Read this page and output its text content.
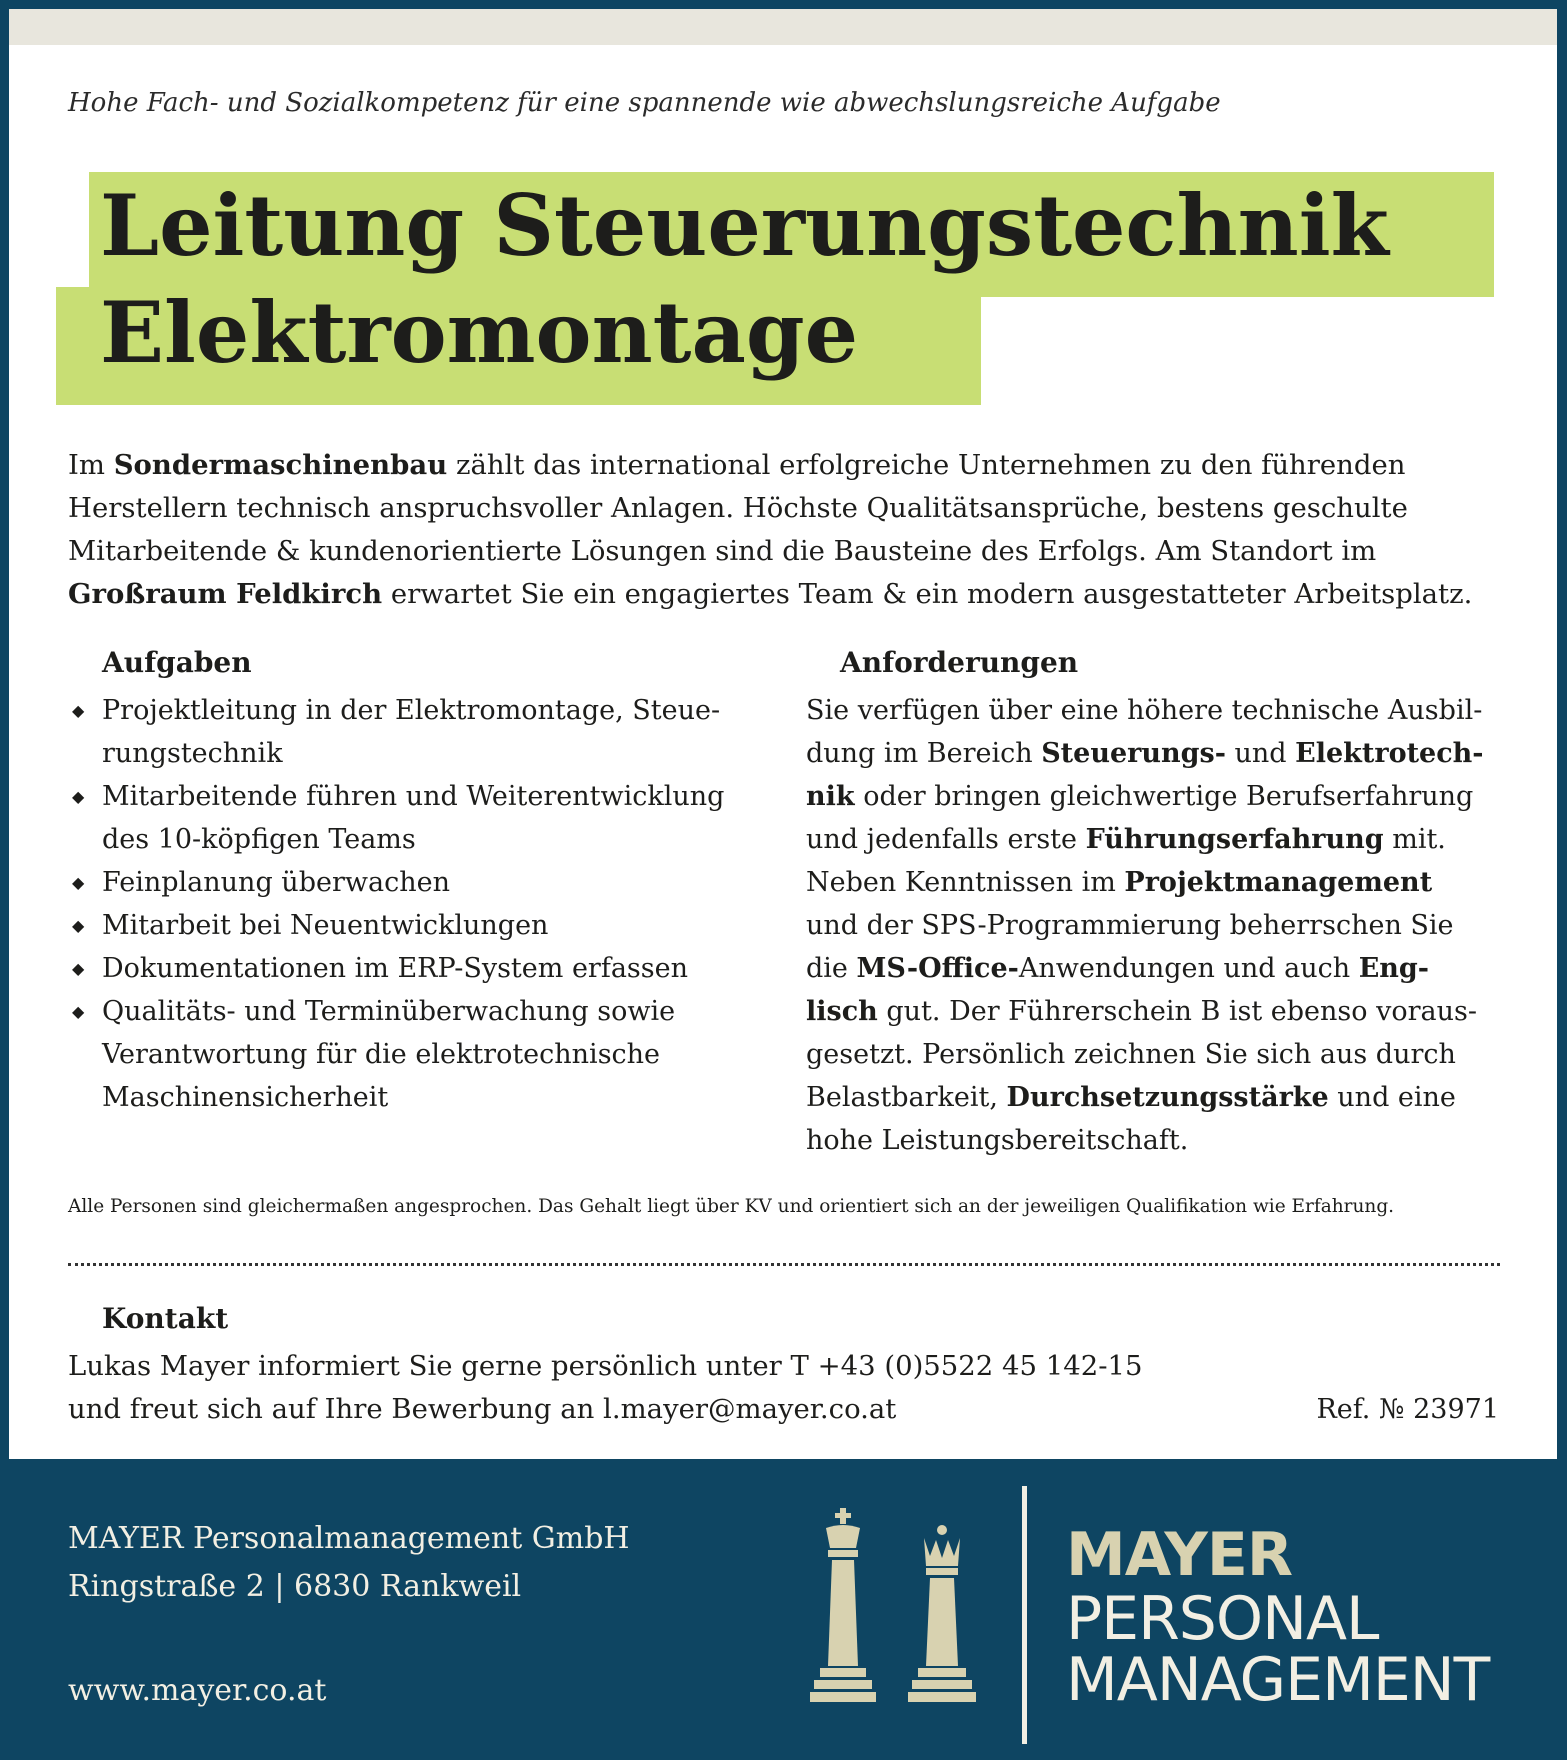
Hohe Fach- und Sozialkompetenz für eine spannende wie abwechslungsreiche Aufgabe
Leitung Steuerungstechnik
Elektromontage

Im Sondermaschinenbau zählt das international erfolgreiche Unternehmen zu den führenden

Herstellern technisch anspruchsvoller Anlagen. Höchste Qualitätsansprüche, bestens geschulte

Mitarbeitende & kundenorientierte Lösungen sind die Bausteine des Erfolgs. Am Standort im

Großraum Feldkirch erwartet Sie ein engagiertes Team & ein modern ausgestatteter Arbeitsplatz.

Aufgaben	Anforderungen
◆ Projektleitung in der Elektromontage, Steue-
rungstechnik
◆ Mitarbeitende führen und Weiterentwicklung
des 10-köpfigen Teams
◆ Feinplanung überwachen
◆ Mitarbeit bei Neuentwicklungen
◆ Dokumentationen im ERP-System erfassen
◆ Qualitäts- und Terminüberwachung sowie
Verantwortung für die elektrotechnische
Maschinensicherheit
Sie verfügen über eine höhere technische Ausbil-
dung im Bereich Steuerungs- und Elektrotech-
nik oder bringen gleichwertige Berufserfahrung
und jedenfalls erste Führungserfahrung mit.
Neben Kenntnissen im Projektmanagement
und der SPS-Programmierung beherrschen Sie
die MS-Office-Anwendungen und auch Eng-
lisch gut. Der Führerschein B ist ebenso voraus-
gesetzt. Persönlich zeichnen Sie sich aus durch
Belastbarkeit, Durchsetzungsstärke und eine
hohe Leistungsbereitschaft.
Alle Personen sind gleichermaßen angesprochen. Das Gehalt liegt über KV und orientiert sich an der jeweiligen Qualifikation wie Erfahrung.
Kontakt
Lukas Mayer informiert Sie gerne persönlich unter T +43 (0)5522 45 142-15
und freut sich auf Ihre Bewerbung an l.mayer@mayer.co.at	Ref. № 23971
MAYER Personalmanagement GmbH
Ringstraße 2 | 6830 Rankweil
www.mayer.co.at
MAYER
PERSONAL
MANAGEMENT
